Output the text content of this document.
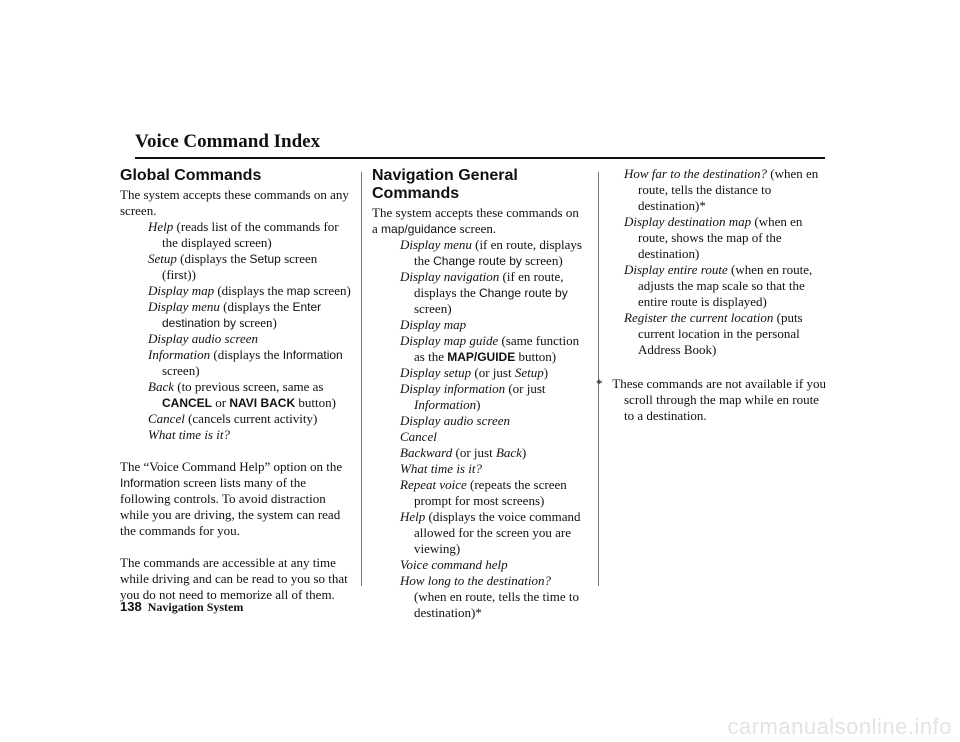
Voice Command Index
Global Commands

The system accepts these commands on any screen.

Help (reads list of the commands for the displayed screen)

Setup (displays the Setup screen (first))

Display map (displays the map screen)

Display menu (displays the Enter destination by screen)

Display audio screen

Information (displays the Information screen)

Back (to previous screen, same as CANCEL or NAVI BACK button)

Cancel (cancels current activity)

What time is it?

The “Voice Command Help” option on the Information screen lists many of the following controls. To avoid distraction while you are driving, the system can read the commands for you.

The commands are accessible at any time while driving and can be read to you so that you do not need to memorize all of them.

Navigation General Commands

The system accepts these commands on a map/guidance screen.

Display menu (if en route, displays the Change route by screen)

Display navigation (if en route, displays the Change route by screen)

Display map

Display map guide (same function as the MAP/GUIDE button)

Display setup (or just Setup)

Display information (or just Information)

Display audio screen

Cancel

Backward (or just Back)

What time is it?

Repeat voice (repeats the screen prompt for most screens)

Help (displays the voice command allowed for the screen you are viewing)

Voice command help

How long to the destination? (when en route, tells the time to destination)*

How far to the destination? (when en route, tells the distance to destination)*

Display destination map (when en route, shows the map of the destination)

Display entire route (when en route, adjusts the map scale so that the entire route is displayed)

Register the current location (puts current location in the personal Address Book)

*   These commands are not available if you scroll through the map while en route to a destination.

138 Navigation System
carmanualsonline.info
